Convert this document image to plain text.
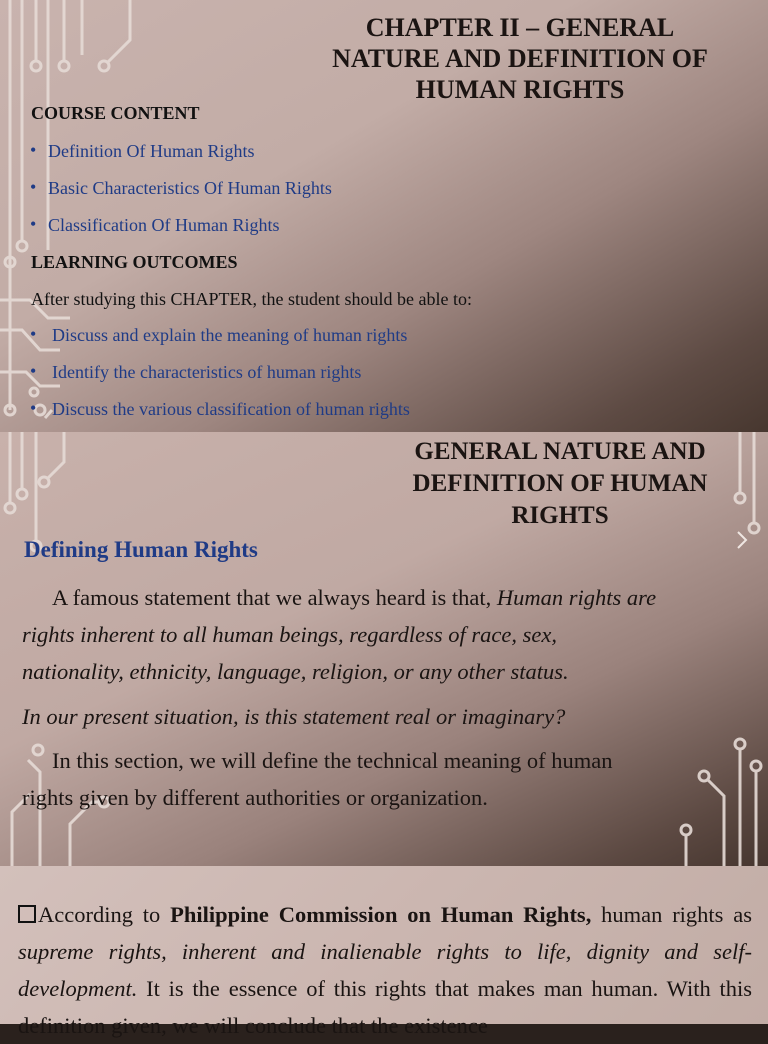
CHAPTER II – GENERAL
NATURE AND DEFINITION OF
HUMAN RIGHTS
COURSE CONTENT
• Definition Of Human Rights
• Basic Characteristics Of Human Rights
• Classification Of Human Rights
LEARNING OUTCOMES
After studying this CHAPTER, the student should be able to:
• Discuss and explain the meaning of human rights
• Identify the characteristics of human rights
• Discuss the various classification of human rights
GENERAL NATURE AND
DEFINITION OF HUMAN
RIGHTS
Defining Human Rights
A famous statement that we always heard is that, Human rights are
rights inherent to all human beings, regardless of race, sex,
nationality, ethnicity, language, religion, or any other status.
In our present situation, is this statement real or imaginary?
In this section, we will define the technical meaning of human
rights given by different authorities or organization.
According to Philippine Commission on Human Rights, human rights as supreme rights, inherent and inalienable rights to life, dignity and self-development. It is the essence of this rights that makes man human. With this definition given, we will conclude that the existence
